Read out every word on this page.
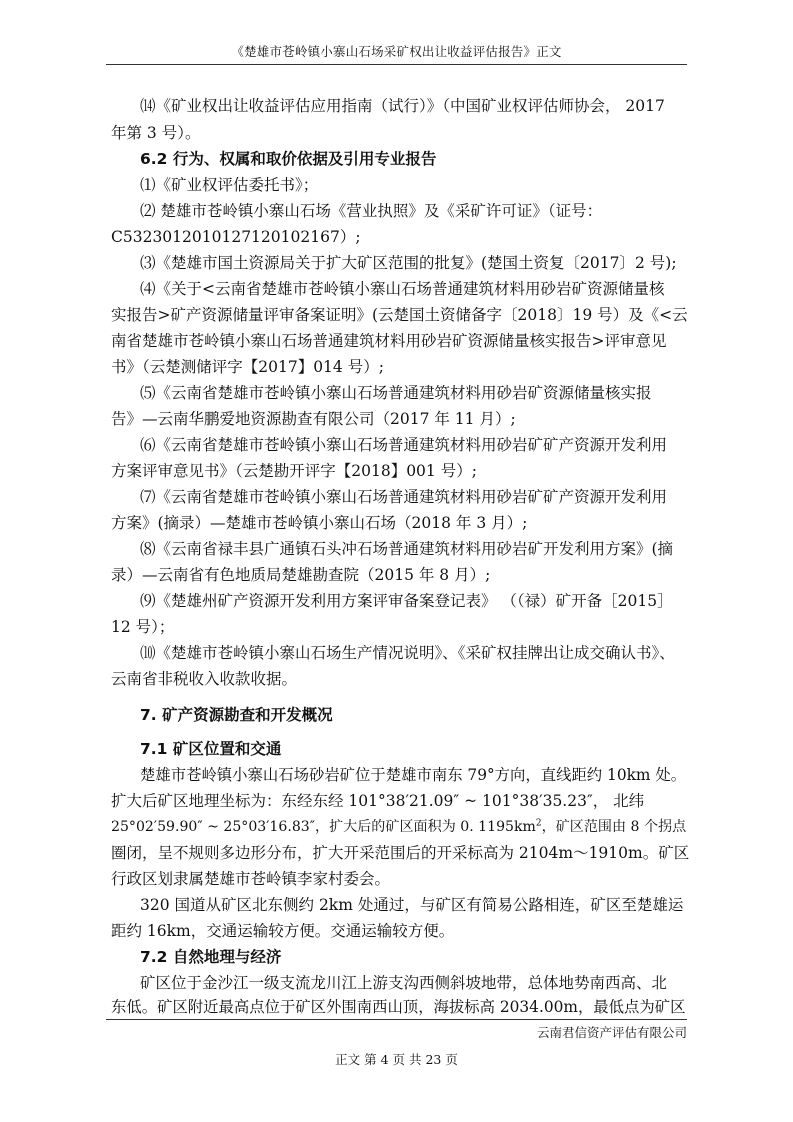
《楚雄市苍岭镇小寨山石场采矿权出让收益评估报告》正文
⒁《矿业权出让收益评估应用指南（试行）》（中国矿业权评估师协会， 2017
年第 3 号）。
6.2 行为、权属和取价依据及引用专业报告
⑴《矿业权评估委托书》；
⑵ 楚雄市苍岭镇小寨山石场《营业执照》及《采矿许可证》（证号：
C5323012010127120102167）;
⑶《楚雄市国土资源局关于扩大矿区范围的批复》(楚国土资复〔2017〕2 号);
⑷《关于<云南省楚雄市苍岭镇小寨山石场普通建筑材料用砂岩矿资源储量核
实报告>矿产资源储量评审备案证明》(云楚国土资储备字〔2018〕19 号）及《<云
南省楚雄市苍岭镇小寨山石场普通建筑材料用砂岩矿资源储量核实报告>评审意见
书》（云楚测储评字【2017】014 号）;
⑸《云南省楚雄市苍岭镇小寨山石场普通建筑材料用砂岩矿资源储量核实报
告》—云南华鹏爱地资源勘查有限公司（2017 年 11 月）;
⑹《云南省楚雄市苍岭镇小寨山石场普通建筑材料用砂岩矿矿产资源开发利用
方案评审意见书》（云楚勘开评字【2018】001 号）;
⑺《云南省楚雄市苍岭镇小寨山石场普通建筑材料用砂岩矿矿产资源开发利用
方案》(摘录）—楚雄市苍岭镇小寨山石场（2018 年 3 月）;
⑻《云南省禄丰县广通镇石头冲石场普通建筑材料用砂岩矿开发利用方案》(摘
录）—云南省有色地质局楚雄勘查院（2015 年 8 月）;
⑼《楚雄州矿产资源开发利用方案评审备案登记表》 （（禄）矿开备［2015］
12 号）；
⑽《楚雄市苍岭镇小寨山石场生产情况说明》、《采矿权挂牌出让成交确认书》、
云南省非税收入收款收据。
7. 矿产资源勘查和开发概况
7.1 矿区位置和交通
楚雄市苍岭镇小寨山石场砂岩矿位于楚雄市南东 79°方向，直线距约 10km 处。
扩大后矿区地理坐标为：东经东经 101°38′21.09″ ~ 101°38′35.23″， 北纬
25°02′59.90″ ~ 25°03′16.83″，扩大后的矿区面积为 0. $1195km^2$，矿区范围由 8 个拐点
圈闭，呈不规则多边形分布，扩大开采范围后的开采标高为 2104m～1910m。矿区
行政区划隶属楚雄市苍岭镇李家村委会。
320 国道从矿区北东侧约 2km 处通过，与矿区有简易公路相连，矿区至楚雄运
距约 16km，交通运输较方便。交通运输较方便。
7.2 自然地理与经济
矿区位于金沙江一级支流龙川江上游支沟西侧斜坡地带，总体地势南西高、北
东低。矿区附近最高点位于矿区外围南西山顶，海拔标高 2034.00m，最低点为矿区
云南君信资产评估有限公司
正文 第 4 页 共 23 页
